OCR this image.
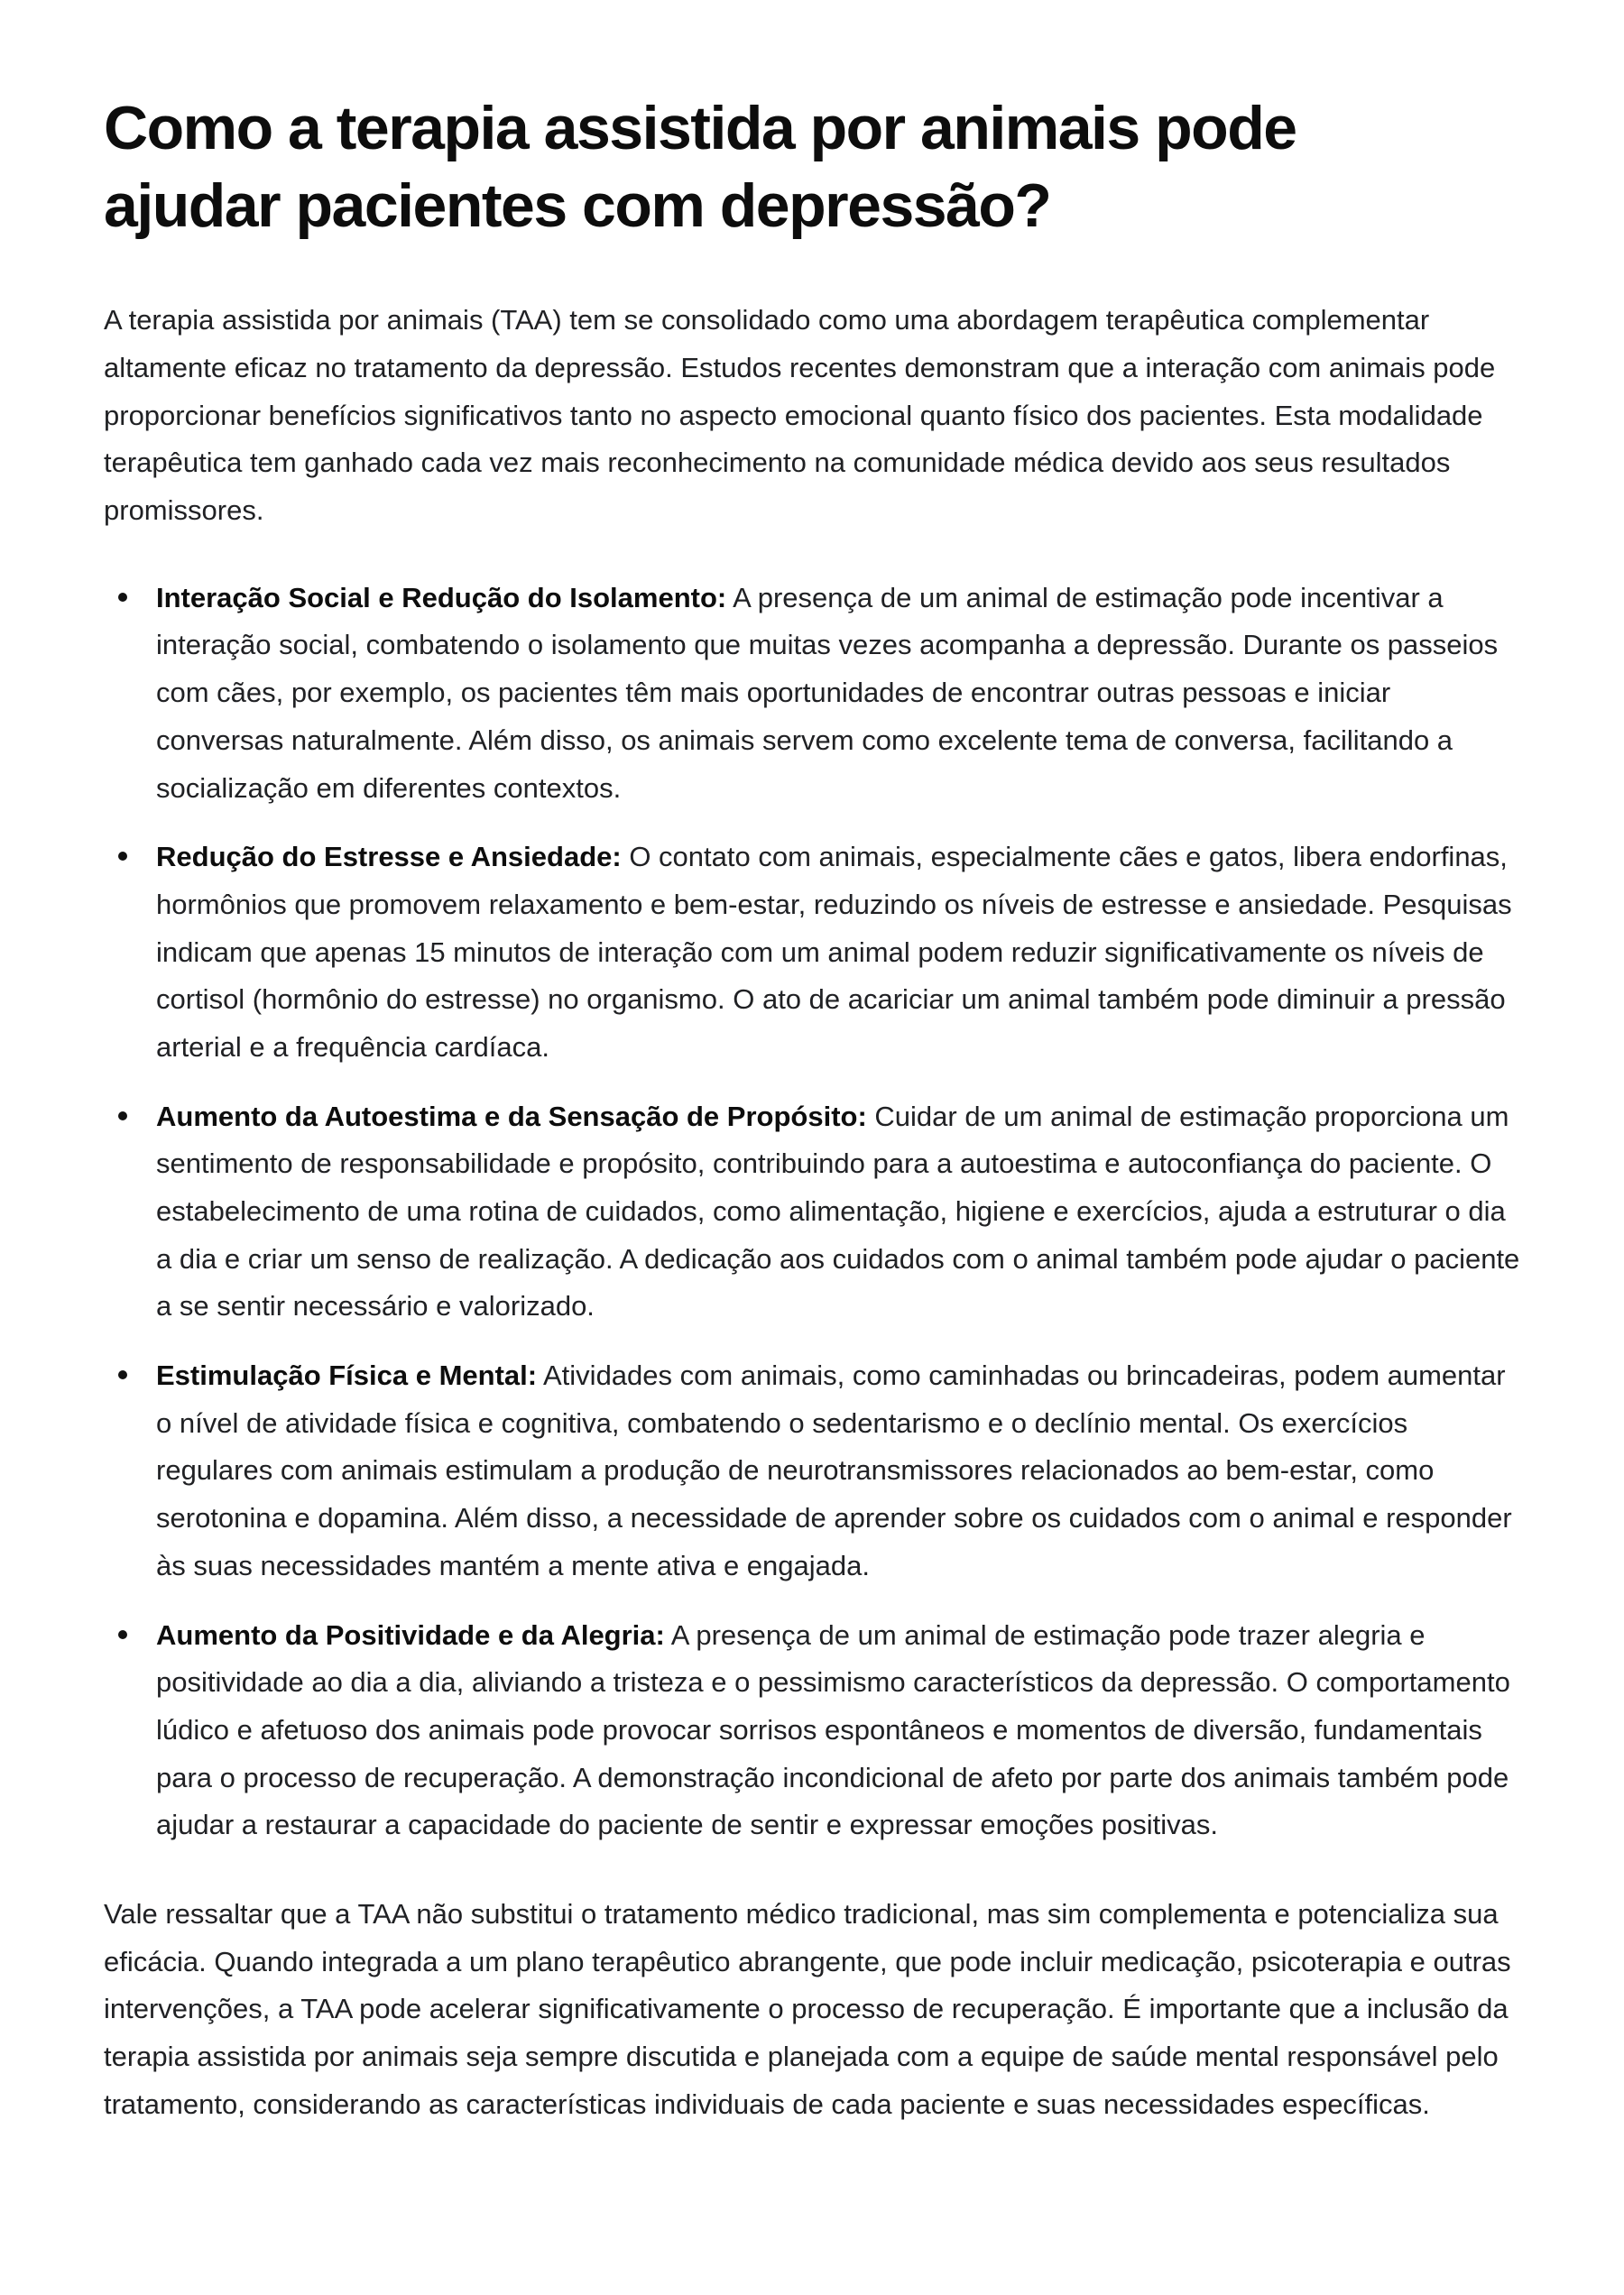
Como a terapia assistida por animais pode ajudar pacientes com depressão?

A terapia assistida por animais (TAA) tem se consolidado como uma abordagem terapêutica complementar altamente eficaz no tratamento da depressão. Estudos recentes demonstram que a interação com animais pode proporcionar benefícios significativos tanto no aspecto emocional quanto físico dos pacientes. Esta modalidade terapêutica tem ganhado cada vez mais reconhecimento na comunidade médica devido aos seus resultados promissores.

Interação Social e Redução do Isolamento: A presença de um animal de estimação pode incentivar a interação social, combatendo o isolamento que muitas vezes acompanha a depressão. Durante os passeios com cães, por exemplo, os pacientes têm mais oportunidades de encontrar outras pessoas e iniciar conversas naturalmente. Além disso, os animais servem como excelente tema de conversa, facilitando a socialização em diferentes contextos.
Redução do Estresse e Ansiedade: O contato com animais, especialmente cães e gatos, libera endorfinas, hormônios que promovem relaxamento e bem-estar, reduzindo os níveis de estresse e ansiedade. Pesquisas indicam que apenas 15 minutos de interação com um animal podem reduzir significativamente os níveis de cortisol (hormônio do estresse) no organismo. O ato de acariciar um animal também pode diminuir a pressão arterial e a frequência cardíaca.
Aumento da Autoestima e da Sensação de Propósito: Cuidar de um animal de estimação proporciona um sentimento de responsabilidade e propósito, contribuindo para a autoestima e autoconfiança do paciente. O estabelecimento de uma rotina de cuidados, como alimentação, higiene e exercícios, ajuda a estruturar o dia a dia e criar um senso de realização. A dedicação aos cuidados com o animal também pode ajudar o paciente a se sentir necessário e valorizado.
Estimulação Física e Mental: Atividades com animais, como caminhadas ou brincadeiras, podem aumentar o nível de atividade física e cognitiva, combatendo o sedentarismo e o declínio mental. Os exercícios regulares com animais estimulam a produção de neurotransmissores relacionados ao bem-estar, como serotonina e dopamina. Além disso, a necessidade de aprender sobre os cuidados com o animal e responder às suas necessidades mantém a mente ativa e engajada.
Aumento da Positividade e da Alegria: A presença de um animal de estimação pode trazer alegria e positividade ao dia a dia, aliviando a tristeza e o pessimismo característicos da depressão. O comportamento lúdico e afetuoso dos animais pode provocar sorrisos espontâneos e momentos de diversão, fundamentais para o processo de recuperação. A demonstração incondicional de afeto por parte dos animais também pode ajudar a restaurar a capacidade do paciente de sentir e expressar emoções positivas.

Vale ressaltar que a TAA não substitui o tratamento médico tradicional, mas sim complementa e potencializa sua eficácia. Quando integrada a um plano terapêutico abrangente, que pode incluir medicação, psicoterapia e outras intervenções, a TAA pode acelerar significativamente o processo de recuperação. É importante que a inclusão da terapia assistida por animais seja sempre discutida e planejada com a equipe de saúde mental responsável pelo tratamento, considerando as características individuais de cada paciente e suas necessidades específicas.
